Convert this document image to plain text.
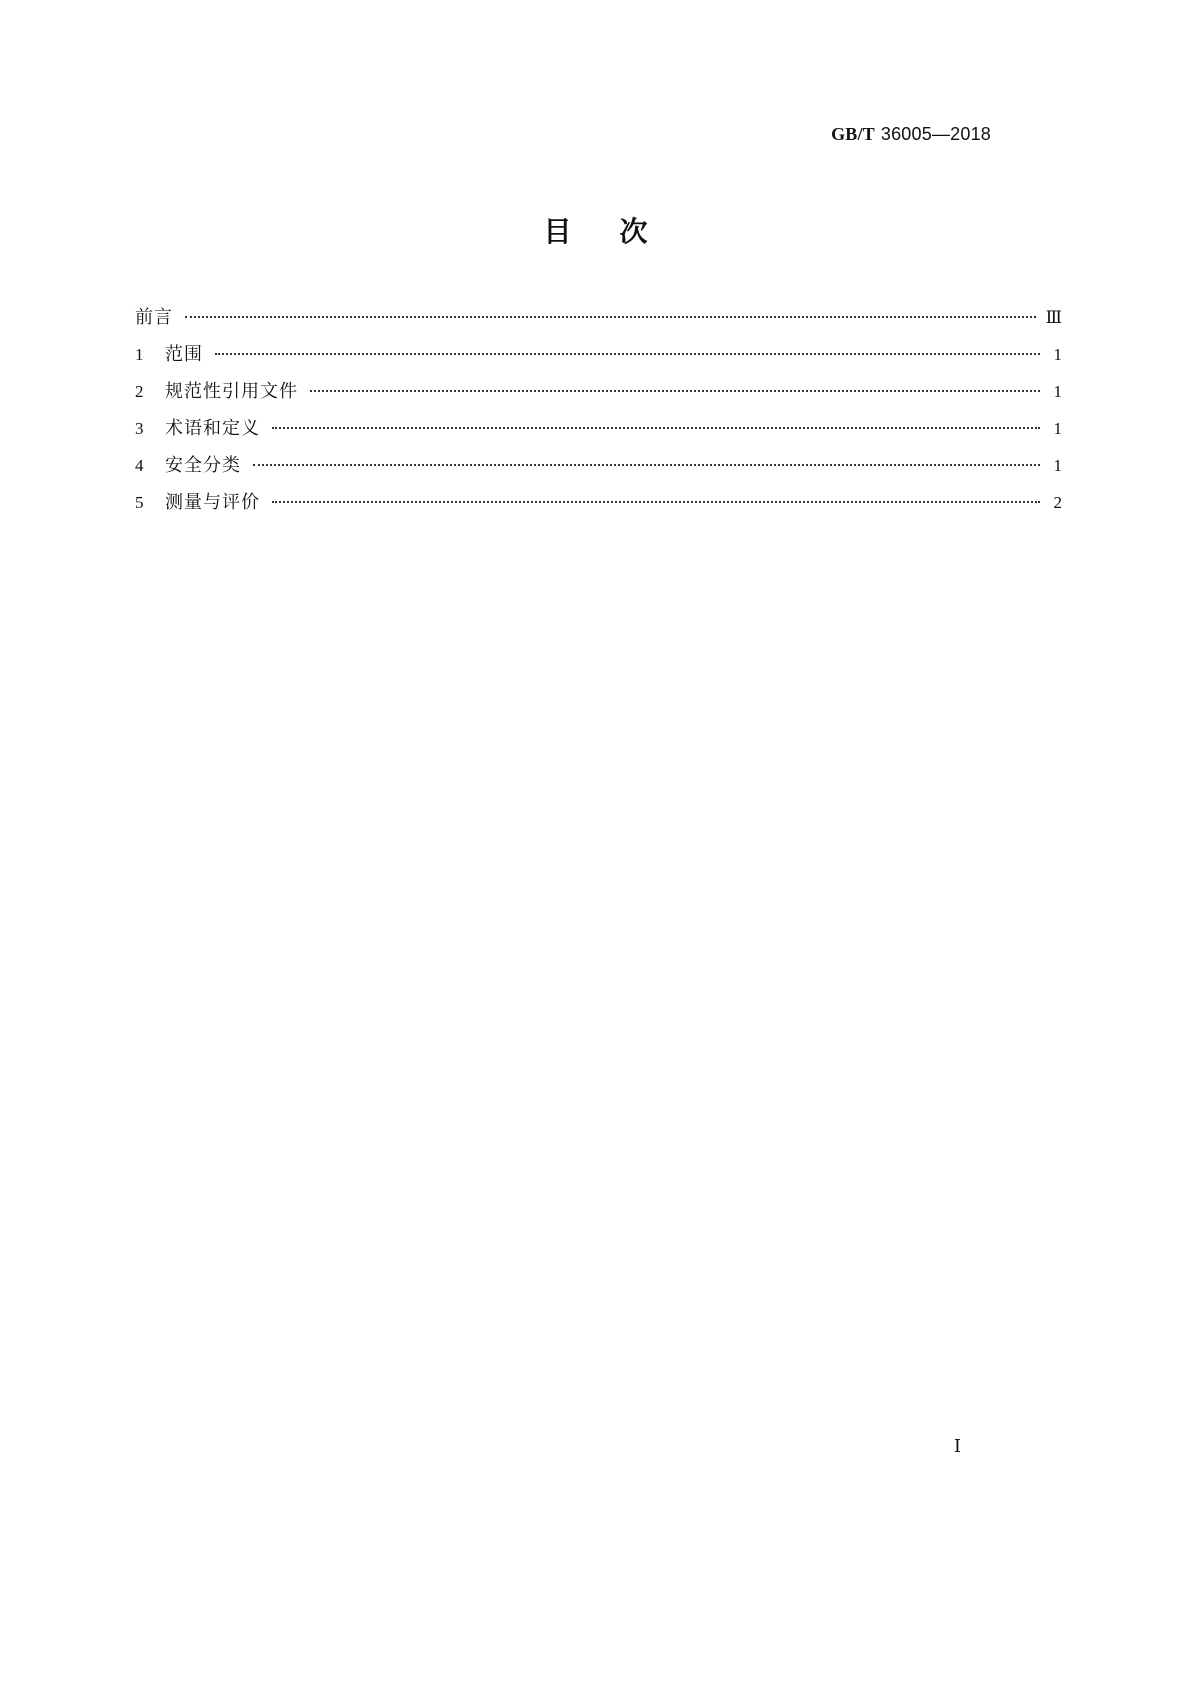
GB/T 36005—2018
目次
前言	Ⅲ
1	范围	1
2	规范性引用文件	1
3	术语和定义	1
4	安全分类	1
5	测量与评价	2
Ⅰ
